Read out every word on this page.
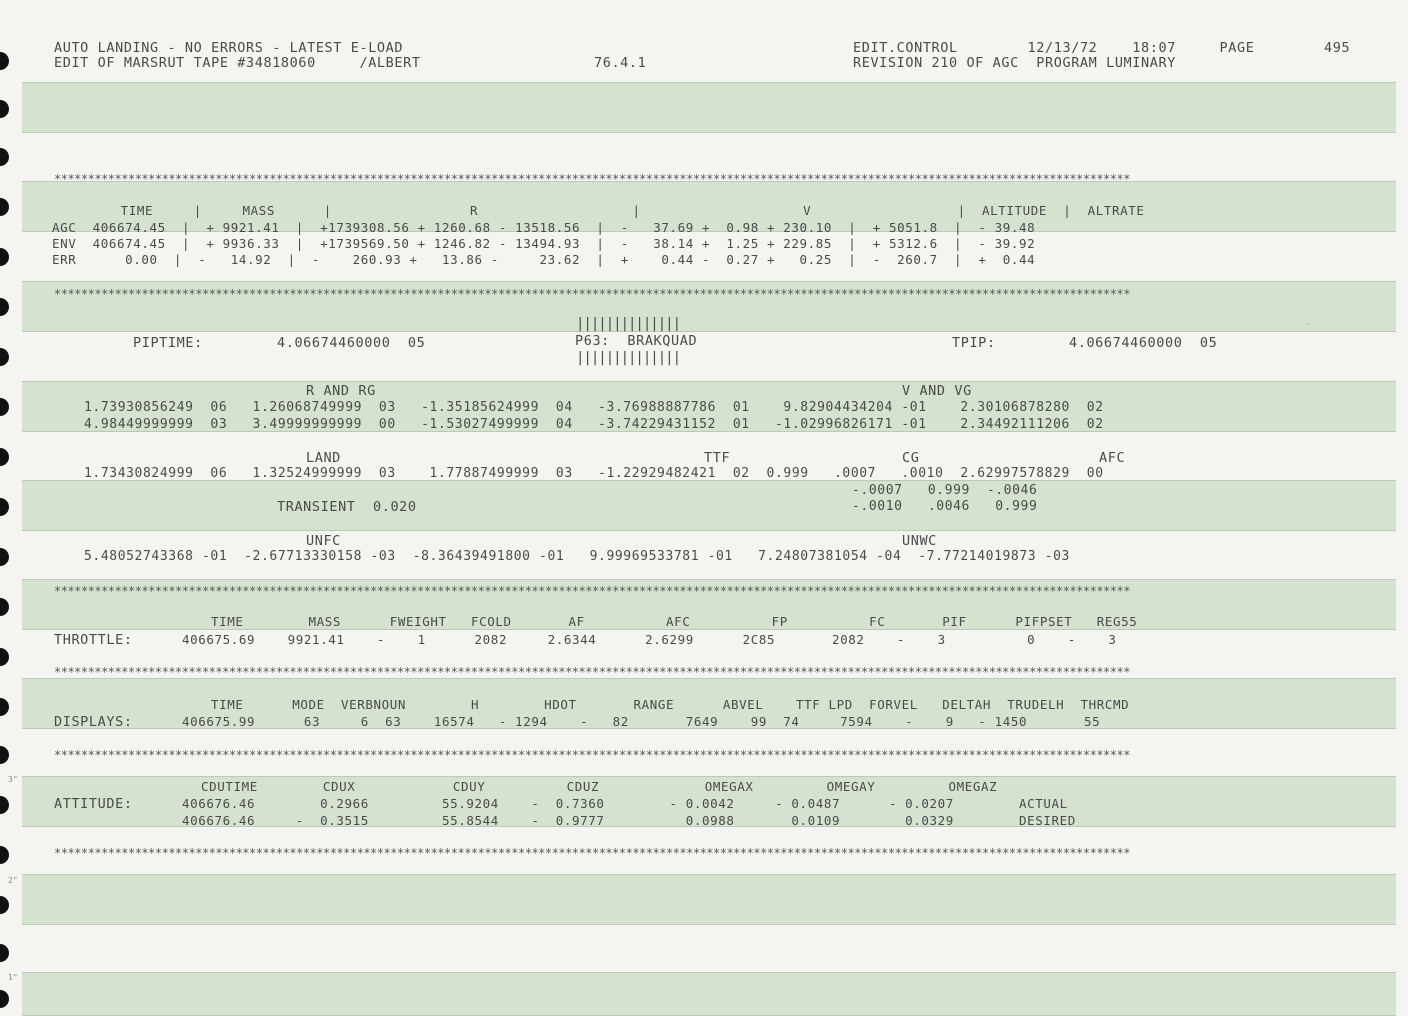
3"
2"
1"
AUTO LANDING - NO ERRORS - LATEST E-LOAD
EDIT OF MARSRUT TAPE #34818060     /ALBERT	76.4.1
EDIT.CONTROL        12/13/72    18:07     PAGE
REVISION 210 OF AGC  PROGRAM LUMINARY
495
****************************************************************************************************************************************************************
****************************************************************************************************************************************************************
****************************************************************************************************************************************************************
****************************************************************************************************************************************************************
****************************************************************************************************************************************************************
****************************************************************************************************************************************************************
TIME     |     MASS      |                 R                   |                    V                  |  ALTITUDE  |  ALTRATE
AGC  406674.45  |  + 9921.41  |  +1739308.56 + 1260.68 - 13518.56  |  -   37.69 +  0.98 + 230.10  |  + 5051.8  |  - 39.48
ENV  406674.45  |  + 9936.33  |  +1739569.50 + 1246.82 - 13494.93  |  -   38.14 +  1.25 + 229.85  |  + 5312.6  |  - 39.92
ERR      0.00  |  -   14.92  |  -    260.93 +   13.86 -     23.62  |  +    0.44 -  0.27 +   0.25  |  -  260.7  |  +  0.44
||||||||||||||
PIPTIME:	4.06674460000  05	P63:  BRAKQUAD
||||||||||||||
TPIP:	4.06674460000  05
.
R AND RG	V AND VG
1.73930856249  06   1.26068749999  03   -1.35185624999  04   -3.76988887786  01    9.82904434204 -01    2.30106878280  02
4.98449999999  03   3.49999999999  00   -1.53027499999  04   -3.74229431152  01   -1.02996826171 -01    2.34492111206  02
LAND	TTF	CG	AFC
1.73430824999  06   1.32524999999  03    1.77887499999  03   -1.22929482421  02  0.999   .0007   .0010  2.62997578829  00
-.0007   0.999  -.0046
-.0010   .0046   0.999
TRANSIENT  0.020
UNFC	UNWC
5.48052743368 -01  -2.67713330158 -03  -8.36439491800 -01   9.99969533781 -01   7.24807381054 -04  -7.77214019873 -03
TIME        MASS      FWEIGHT   FCOLD       AF          AFC          FP          FC       PIF      PIFPSET   REG55
THROTTLE:	406675.69    9921.41    -    1      2082     2.6344      2.6299      2C85       2082    -    3          0    -    3
TIME      MODE  VERBNOUN        H        HDOT       RANGE      ABVEL    TTF LPD  FORVEL   DELTAH  TRUDELH  THRCMD
DISPLAYS:	406675.99      63     6  63    16574   - 1294    -   82       7649    99  74     7594    -    9   - 1450       55
CDUTIME        CDUX            CDUY          CDUZ             OMEGAX         OMEGAY         OMEGAZ
ATTITUDE:	406676.46        0.2966         55.9204    -  0.7360        - 0.0042     - 0.0487      - 0.0207        ACTUAL
406676.46     -  0.3515         55.8544    -  0.9777          0.0988       0.0109        0.0329        DESIRED
